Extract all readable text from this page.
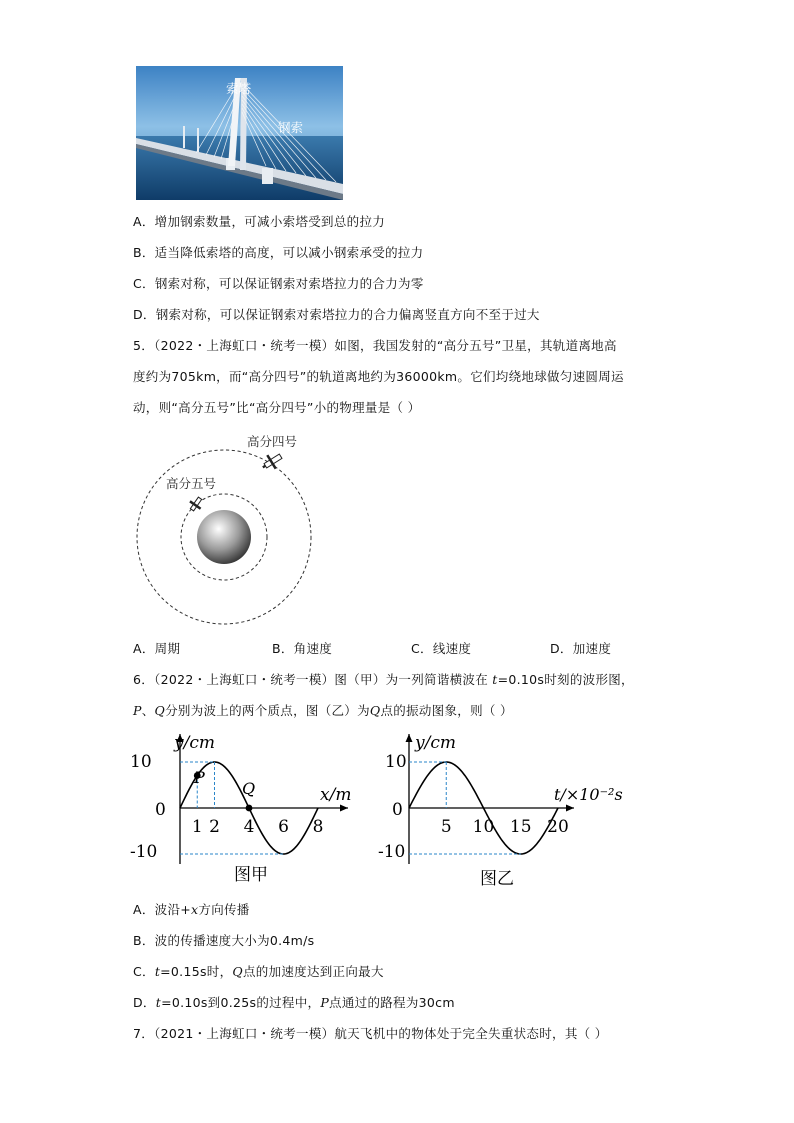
索塔
钢索
A．增加钢索数量，可减小索塔受到总的拉力
B．适当降低索塔的高度，可以减小钢索承受的拉力
C．钢索对称，可以保证钢索对索塔拉力的合力为零
D．钢索对称，可以保证钢索对索塔拉力的合力偏离竖直方向不至于过大
5．（2022・上海虹口・统考一模）如图，我国发射的“高分五号”卫星，其轨道离地高
度约为705km，而“高分四号”的轨道离地约为36000km。它们均绕地球做匀速圆周运
动，则“高分五号”比“高分四号”小的物理量是（ ）
高分四号
高分五号
A．周期	B．角速度	C．线速度	D．加速度
6．（2022・上海虹口・统考一模）图（甲）为一列简谐横波在 t=0.10s时刻的波形图，
P、Q分别为波上的两个质点，图（乙）为Q点的振动图象，则（ ）
1 2 4 6 8
y/cm
x/m
10
0
-10
P
Q
图甲
5 10 15 20
y/cm
t/×10⁻²s
10
0
-10
图乙
A．波沿+x方向传播
B．波的传播速度大小为0.4m/s
C．t=0.15s时，Q点的加速度达到正向最大
D．t=0.10s到0.25s的过程中，P点通过的路程为30cm
7．（2021・上海虹口・统考一模）航天飞机中的物体处于完全失重状态时，其（ ）
